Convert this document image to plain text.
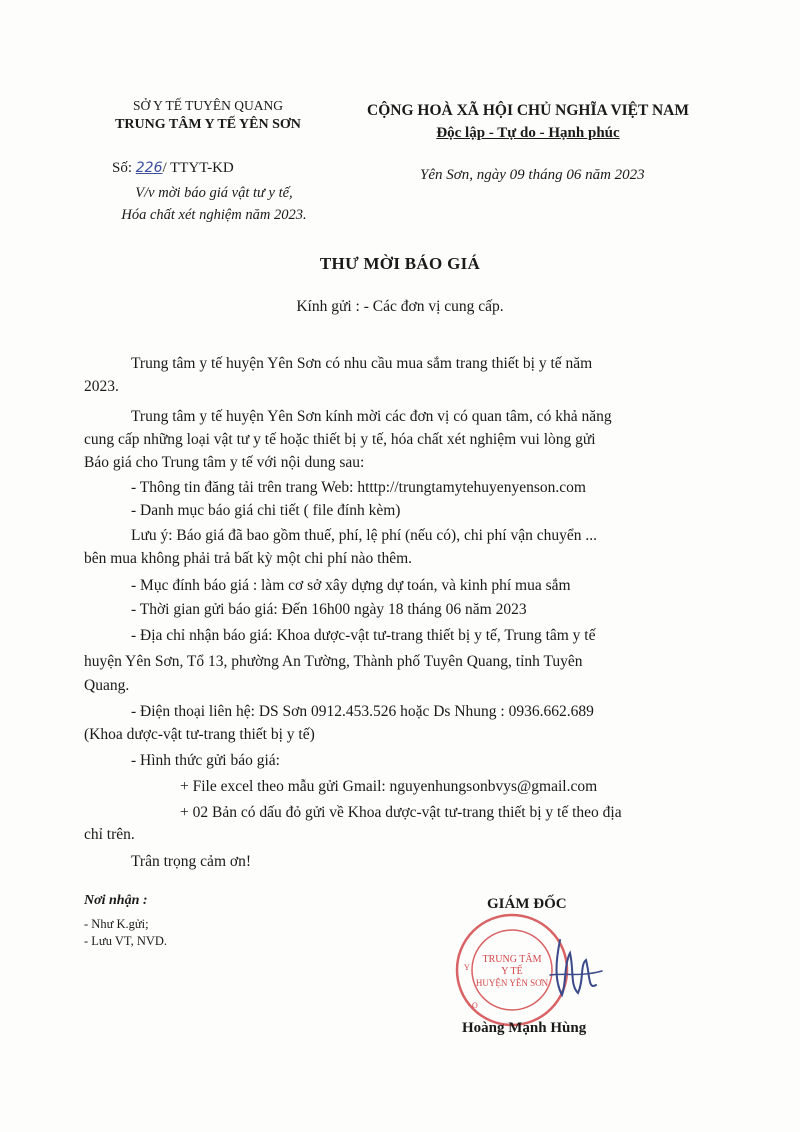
SỞ Y TẾ TUYÊN QUANG
TRUNG TÂM Y TẾ YÊN SƠN
CỘNG HOÀ XÃ HỘI CHỦ NGHĨA VIỆT NAM
Độc lập - Tự do - Hạnh phúc
Số: 226/ TTYT-KD
V/v mời báo giá vật tư y tế,
Hóa chất xét nghiệm năm 2023.
Yên Sơn, ngày 09 tháng 06 năm 2023
THƯ MỜI BÁO GIÁ
Kính gửi : - Các đơn vị cung cấp.
Trung tâm y tế huyện Yên Sơn có nhu cầu mua sắm trang thiết bị y tế năm
2023.
Trung tâm y tế huyện Yên Sơn kính mời các đơn vị có quan tâm, có khả năng
cung cấp những loại vật tư y tế hoặc thiết bị y tế, hóa chất xét nghiệm vui lòng gửi
Báo giá cho Trung tâm y tế với nội dung sau:
- Thông tin đăng tải trên trang Web: htttp://trungtamytehuyenyenson.com
- Danh mục báo giá chi tiết ( file đính kèm)
Lưu ý: Báo giá đã bao gồm thuế, phí, lệ phí (nếu có), chi phí vận chuyển ...
bên mua không phải trả bất kỳ một chi phí nào thêm.
- Mục đính báo giá : làm cơ sở xây dựng dự toán, và kinh phí mua sắm
- Thời gian gửi báo giá: Đến 16h00 ngày 18 tháng 06 năm 2023
- Địa chỉ nhận báo giá: Khoa dược-vật tư-trang thiết bị y tế, Trung tâm y tế
huyện Yên Sơn, Tổ 13, phường An Tường, Thành phố Tuyên Quang, tỉnh Tuyên
Quang.
- Điện thoại liên hệ: DS Sơn 0912.453.526 hoặc Ds Nhung : 0936.662.689
(Khoa dược-vật tư-trang thiết bị y tế)
- Hình thức gửi báo giá:
+ File excel theo mẫu gửi Gmail: nguyenhungsonbvys@gmail.com
+ 02 Bản có dấu đỏ gửi về Khoa dược-vật tư-trang thiết bị y tế theo địa
chỉ trên.
Trân trọng cảm ơn!
Nơi nhận :
- Như K.gửi;
- Lưu VT, NVD.
GIÁM ĐỐC
TRUNG TÂM
Y TẾ
HUYỆN YÊN SƠN
Y
O
Hoàng Mạnh Hùng
